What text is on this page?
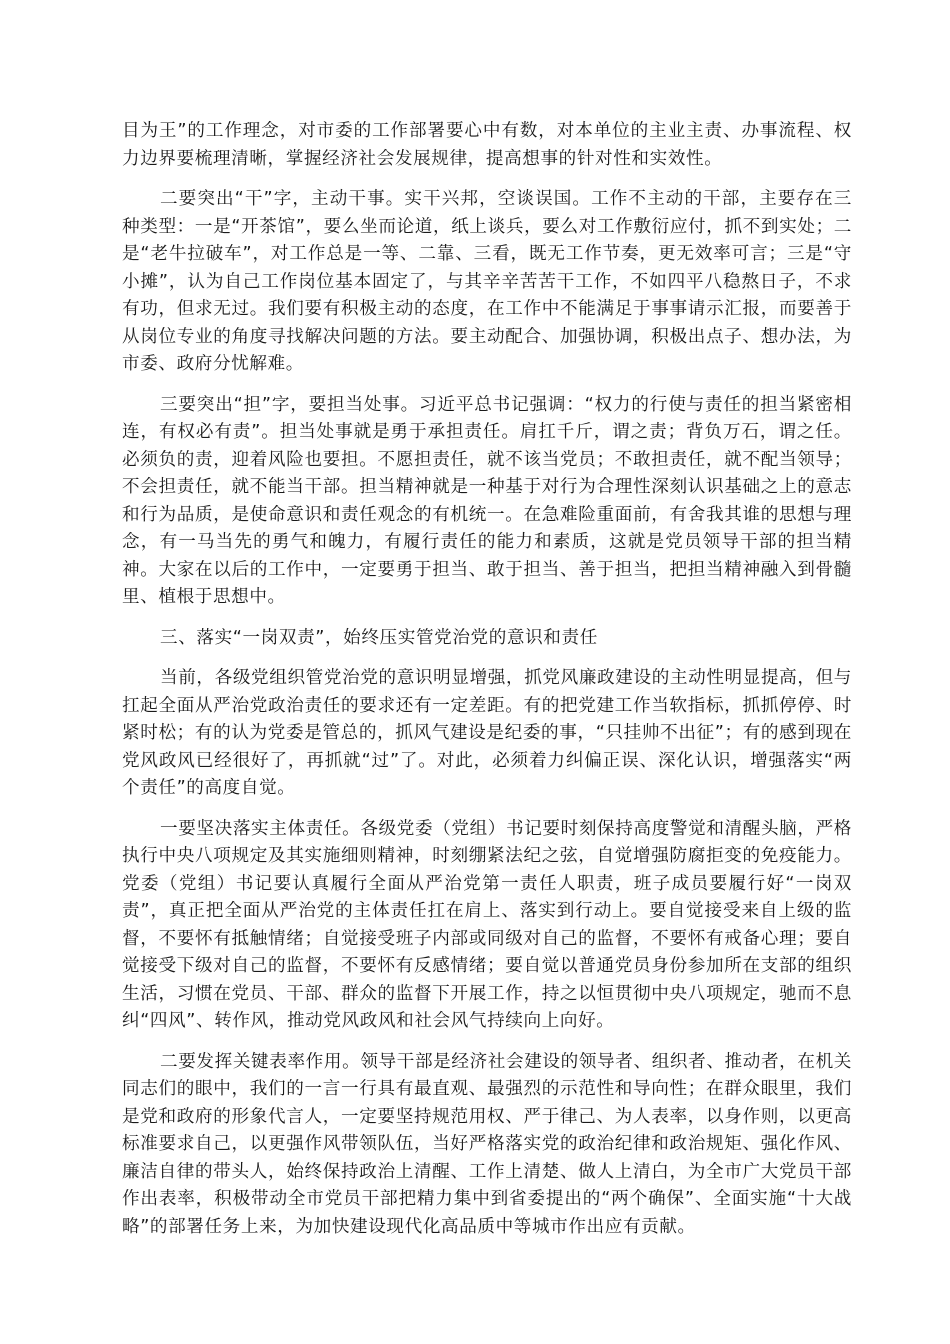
目为王”的工作理念，对市委的工作部署要心中有数，对本单位的主业主责、办事流程、权力边界要梳理清晰，掌握经济社会发展规律，提高想事的针对性和实效性。

二要突出“干”字，主动干事。实干兴邦，空谈误国。工作不主动的干部，主要存在三种类型：一是“开茶馆”，要么坐而论道，纸上谈兵，要么对工作敷衍应付，抓不到实处；二是“老牛拉破车”，对工作总是一等、二靠、三看，既无工作节奏，更无效率可言；三是“守小摊”，认为自己工作岗位基本固定了，与其辛辛苦苦干工作，不如四平八稳熬日子，不求有功，但求无过。我们要有积极主动的态度，在工作中不能满足于事事请示汇报，而要善于从岗位专业的角度寻找解决问题的方法。要主动配合、加强协调，积极出点子、想办法，为市委、政府分忧解难。

三要突出“担”字，要担当处事。习近平总书记强调：“权力的行使与责任的担当紧密相连，有权必有责”。担当处事就是勇于承担责任。肩扛千斤，谓之责；背负万石，谓之任。必须负的责，迎着风险也要担。不愿担责任，就不该当党员；不敢担责任，就不配当领导；不会担责任，就不能当干部。担当精神就是一种基于对行为合理性深刻认识基础之上的意志和行为品质，是使命意识和责任观念的有机统一。在急难险重面前，有舍我其谁的思想与理念，有一马当先的勇气和魄力，有履行责任的能力和素质，这就是党员领导干部的担当精神。大家在以后的工作中，一定要勇于担当、敢于担当、善于担当，把担当精神融入到骨髓里、植根于思想中。

三、落实“一岗双责”，始终压实管党治党的意识和责任

当前，各级党组织管党治党的意识明显增强，抓党风廉政建设的主动性明显提高，但与扛起全面从严治党政治责任的要求还有一定差距。有的把党建工作当软指标，抓抓停停、时紧时松；有的认为党委是管总的，抓风气建设是纪委的事，“只挂帅不出征”；有的感到现在党风政风已经很好了，再抓就“过”了。对此，必须着力纠偏正误、深化认识，增强落实“两个责任”的高度自觉。

一要坚决落实主体责任。各级党委（党组）书记要时刻保持高度警觉和清醒头脑，严格执行中央八项规定及其实施细则精神，时刻绷紧法纪之弦，自觉增强防腐拒变的免疫能力。党委（党组）书记要认真履行全面从严治党第一责任人职责，班子成员要履行好“一岗双责”，真正把全面从严治党的主体责任扛在肩上、落实到行动上。要自觉接受来自上级的监督，不要怀有抵触情绪；自觉接受班子内部或同级对自己的监督，不要怀有戒备心理；要自觉接受下级对自己的监督，不要怀有反感情绪；要自觉以普通党员身份参加所在支部的组织生活，习惯在党员、干部、群众的监督下开展工作，持之以恒贯彻中央八项规定，驰而不息纠“四风”、转作风，推动党风政风和社会风气持续向上向好。

二要发挥关键表率作用。领导干部是经济社会建设的领导者、组织者、推动者，在机关同志们的眼中，我们的一言一行具有最直观、最强烈的示范性和导向性；在群众眼里，我们是党和政府的形象代言人，一定要坚持规范用权、严于律己、为人表率，以身作则，以更高标准要求自己，以更强作风带领队伍，当好严格落实党的政治纪律和政治规矩、强化作风、廉洁自律的带头人，始终保持政治上清醒、工作上清楚、做人上清白，为全市广大党员干部作出表率，积极带动全市党员干部把精力集中到省委提出的“两个确保”、全面实施“十大战略”的部署任务上来，为加快建设现代化高品质中等城市作出应有贡献。
